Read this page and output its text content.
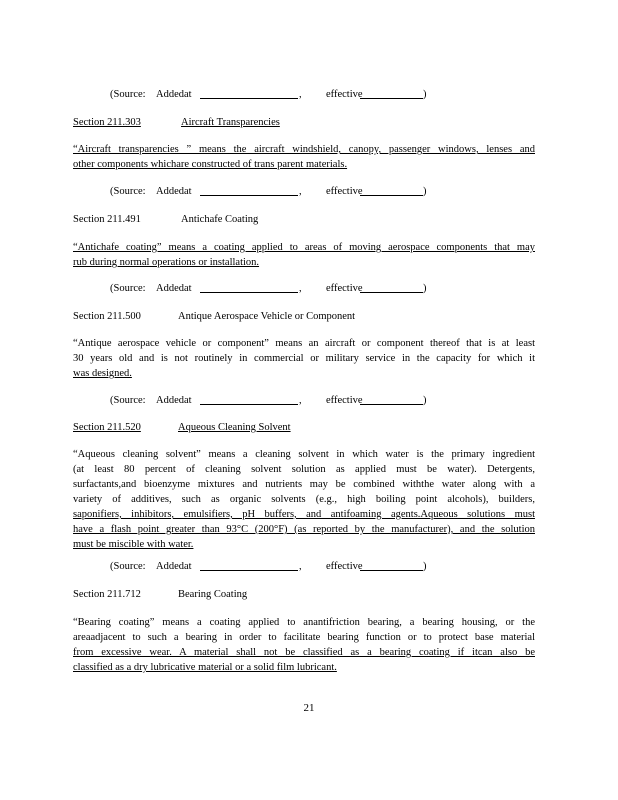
(Source: Addedat	, effective	)
Section 211.303	Aircraft Transparencies
“Aircraft transparencies ” means the aircraft windshield, canopy, passenger windows, lenses and
other components whichare constructed of trans parent materials.
(Source: Addedat	, effective	)
Section 211.491	Antichafe Coating
“Antichafe coating” means a coating applied to areas of moving aerospace components that may
rub during normal operations or installation.
(Source: Addedat	, effective	)
Section 211.500	Antique Aerospace Vehicle or Component
“Antique aerospace vehicle or component” means an aircraft or component thereof that is at least
30 years old and is not routinely in commercial or military service in the capacity for which it
was designed.
(Source: Addedat	, effective	)
Section 211.520	Aqueous Cleaning Solvent
“Aqueous cleaning solvent” means a cleaning solvent in which water is the primary ingredient
(at least 80 percent of cleaning solvent solution as applied must be water). Detergents,
surfactants,and bioenzyme mixtures and nutrients may be combined withthe water along with a
variety of additives, such as organic solvents (e.g., high boiling point alcohols), builders,
saponifiers, inhibitors, emulsifiers, pH buffers, and antifoaming agents.Aqueous solutions must
have a flash point greater than 93°C (200°F) (as reported by the manufacturer), and the solution
must be miscible with water.
(Source: Addedat	, effective	)
Section 211.712	Bearing Coating
“Bearing coating” means a coating applied to anantifriction bearing, a bearing housing, or the
areaadjacent to such a bearing in order to facilitate bearing function or to protect base material
from excessive wear. A material shall not be classified as a bearing coating if itcan also be
classified as a dry lubricative material or a solid film lubricant.
21
